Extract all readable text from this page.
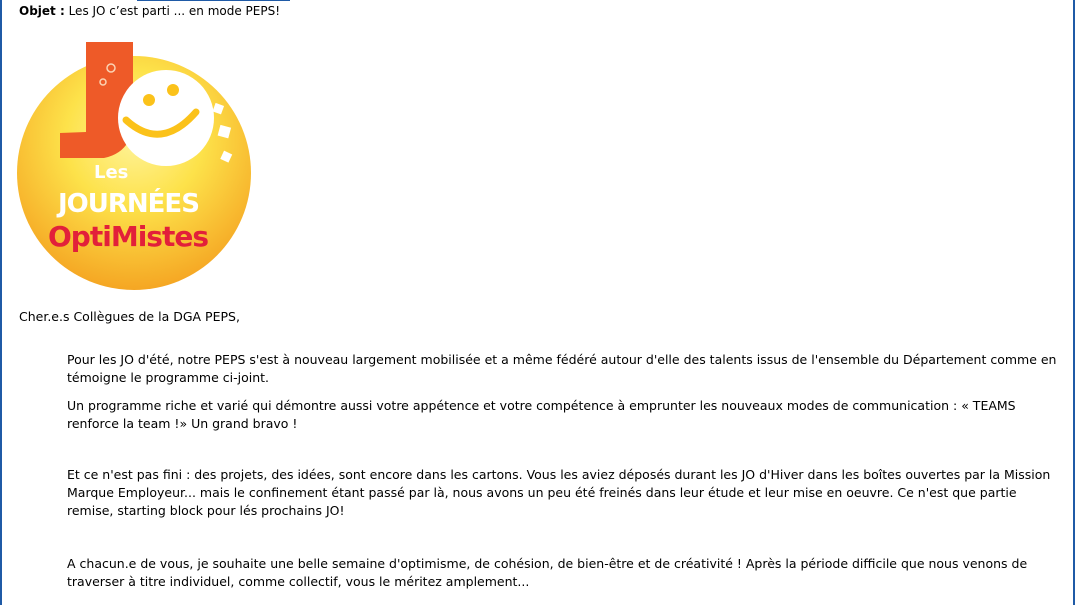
Objet : Les JO c’est parti ... en mode PEPS!
Les
JOURNÉES
OptiMistes
Cher.e.s Collègues de la DGA PEPS,
Pour les JO d'été, notre PEPS s'est à nouveau largement mobilisée et a même fédéré autour d'elle des talents issus de l'ensemble du Département comme en témoigne le programme ci-joint.
Un programme riche et varié qui démontre aussi votre appétence et votre compétence à emprunter les nouveaux modes de communication : « TEAMS renforce la team !» Un grand bravo !
Et ce n'est pas fini : des projets, des idées, sont encore dans les cartons. Vous les aviez déposés durant les JO d'Hiver dans les boîtes ouvertes par la Mission Marque Employeur... mais le confinement étant passé par là, nous avons un peu été freinés dans leur étude et leur mise en oeuvre. Ce n'est que partie remise, starting block pour lés prochains JO!
A chacun.e de vous, je souhaite une belle semaine d'optimisme, de cohésion, de bien-être et de créativité ! Après la période difficile que nous venons de traverser à titre individuel, comme collectif, vous le méritez amplement...
